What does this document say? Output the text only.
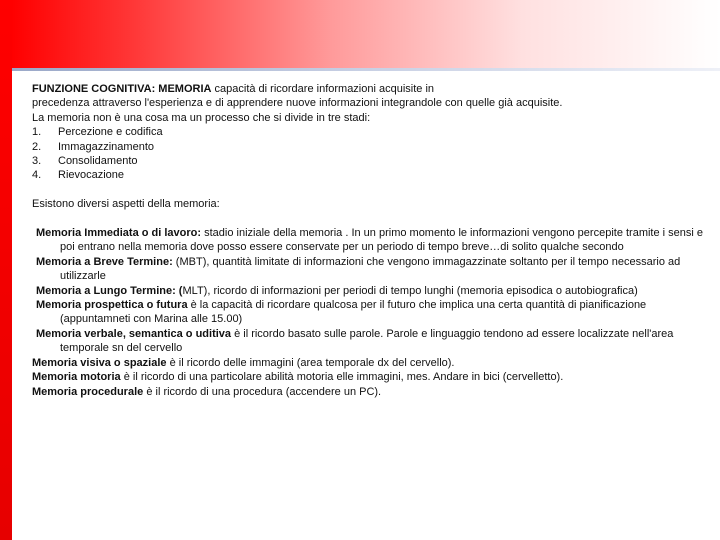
FUNZIONE COGNITIVA: MEMORIA capacità di ricordare informazioni acquisite in

precedenza attraverso l'esperienza e di apprendere nuove informazioni integrandole con quelle già acquisite.

La memoria non è una cosa ma un processo che si divide in tre stadi:

1.	Percezione e codifica
2.	Immagazzinamento
3.	Consolidamento
4.	Rievocazione

Esistono diversi aspetti della memoria:

Memoria Immediata o di lavoro: stadio iniziale della memoria . In un primo momento le informazioni vengono percepite tramite i sensi e poi entrano nella memoria dove posso essere conservate per un periodo di tempo breve…di solito qualche secondo

Memoria a Breve Termine: (MBT), quantità limitate di informazioni che vengono immagazzinate soltanto per il tempo necessario ad utilizzarle

Memoria a Lungo Termine: (MLT), ricordo di informazioni per periodi di tempo lunghi (memoria episodica o autobiografica)

Memoria prospettica o futura è la capacità di ricordare qualcosa per il futuro che implica una certa quantità di pianificazione (appuntamneti con Marina alle 15.00)

Memoria verbale, semantica o uditiva è il ricordo basato sulle parole. Parole e linguaggio tendono ad essere localizzate nell'area temporale sn del cervello

Memoria visiva o spaziale è il ricordo delle immagini (area temporale dx del cervello).

Memoria motoria è il ricordo di una particolare abilità motoria elle immagini, mes. Andare in bici (cervelletto).

Memoria procedurale è il ricordo di una procedura (accendere un PC).
